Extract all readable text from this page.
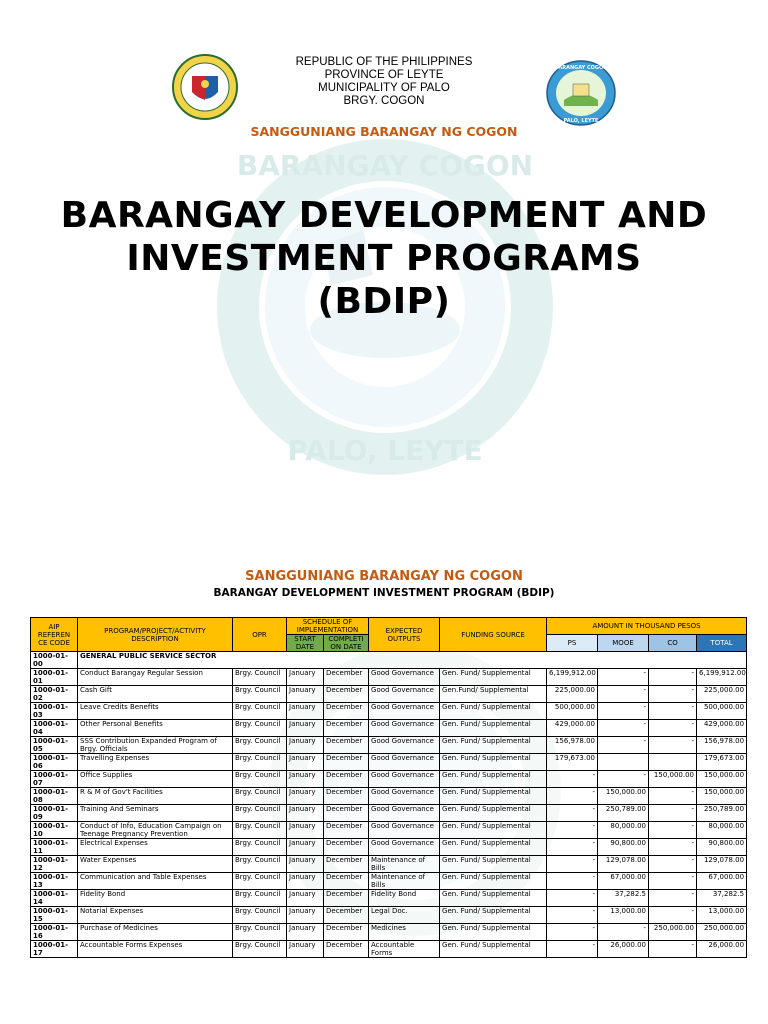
BARANGAY COGON
PALO, LEYTE
BARANGAY COGON
PALO, LEYTE
REPUBLIC OF THE PHILIPPINES
PROVINCE OF LEYTE
MUNICIPALITY OF PALO
BRGY. COGON
SANGGUNIANG BARANGAY NG COGON
BARANGAY DEVELOPMENT AND
INVESTMENT PROGRAMS
(BDIP)
SANGGUNIANG BARANGAY NG COGON
BARANGAY DEVELOPMENT INVESTMENT PROGRAM (BDIP)
AIP REFEREN CE CODE	PROGRAM/PROJECT/ACTIVITY DESCRIPTION	OPR	SCHEDULE OF IMPLEMENTATION		EXPECTED OUTPUTS	FUNDING SOURCE	AMOUNT IN THOUSAND PESOS			
			START DATE	COMPLETI ON DATE			PS	MOOE	CO	TOTAL
1000-01-00	GENERAL PUBLIC SERVICE SECTOR									
1000-01-01	Conduct Barangay Regular Session	Brgy. Council	January	December	Good Governance	Gen. Fund/ Supplemental	6,199,912.00	-	-	6,199,912.00
1000-01-02	Cash Gift	Brgy. Council	January	December	Good Governance	Gen.Fund/ Supplemental	225,000.00	-	-	225,000.00
1000-01-03	Leave Credits Benefits	Brgy. Council	January	December	Good Governance	Gen. Fund/ Supplemental	500,000.00	-	-	500,000.00
1000-01-04	Other Personal Benefits	Brgy. Council	January	December	Good Governance	Gen. Fund/ Supplemental	429,000.00	-	-	429,000.00
1000-01-05	SSS Contribution Expanded Program of Brgy. Officials	Brgy. Council	January	December	Good Governance	Gen. Fund/ Supplemental	156,978.00	-	-	156,978.00
1000-01-06	Travelling Expenses	Brgy. Council	January	December	Good Governance	Gen. Fund/ Supplemental	179,673.00			179,673.00
1000-01-07	Office Supplies	Brgy. Council	January	December	Good Governance	Gen. Fund/ Supplemental	-	-	150,000.00	150,000.00
1000-01-08	R & M of Gov't Facilities	Brgy. Council	January	December	Good Governance	Gen. Fund/ Supplemental	-	150,000.00	-	150,000.00
1000-01-09	Training And Seminars	Brgy. Council	January	December	Good Governance	Gen. Fund/ Supplemental	-	250,789.00	-	250,789.00
1000-01-10	Conduct of Info, Education Campaign on Teenage Pregnancy Prevention	Brgy. Council	January	December	Good Governance	Gen. Fund/ Supplemental	-	80,000.00	-	80,000.00
1000-01-11	Electrical Expenses	Brgy. Council	January	December	Good Governance	Gen. Fund/ Supplemental	-	90,800.00	-	90,800.00
1000-01-12	Water Expenses	Brgy. Council	January	December	Maintenance of Bills	Gen. Fund/ Supplemental	-	129,078.00	-	129,078.00
1000-01-13	Communication and Table Expenses	Brgy. Council	January	December	Maintenance of Bills	Gen. Fund/ Supplemental	-	67,000.00	-	67,000.00
1000-01-14	Fidelity Bond	Brgy. Council	January	December	Fidelity Bond	Gen. Fund/ Supplemental	-	37,282.5	-	37,282.5
1000-01-15	Notarial Expenses	Brgy. Council	January	December	Legal Doc.	Gen. Fund/ Supplemental	-	13,000.00	-	13,000.00
1000-01-16	Purchase of Medicines	Brgy. Council	January	December	Medicines	Gen. Fund/ Supplemental	-	-	250,000.00	250,000.00
1000-01-17	Accountable Forms Expenses	Brgy. Council	January	December	Accountable Forms	Gen. Fund/ Supplemental	-	26,000.00	-	26,000.00
